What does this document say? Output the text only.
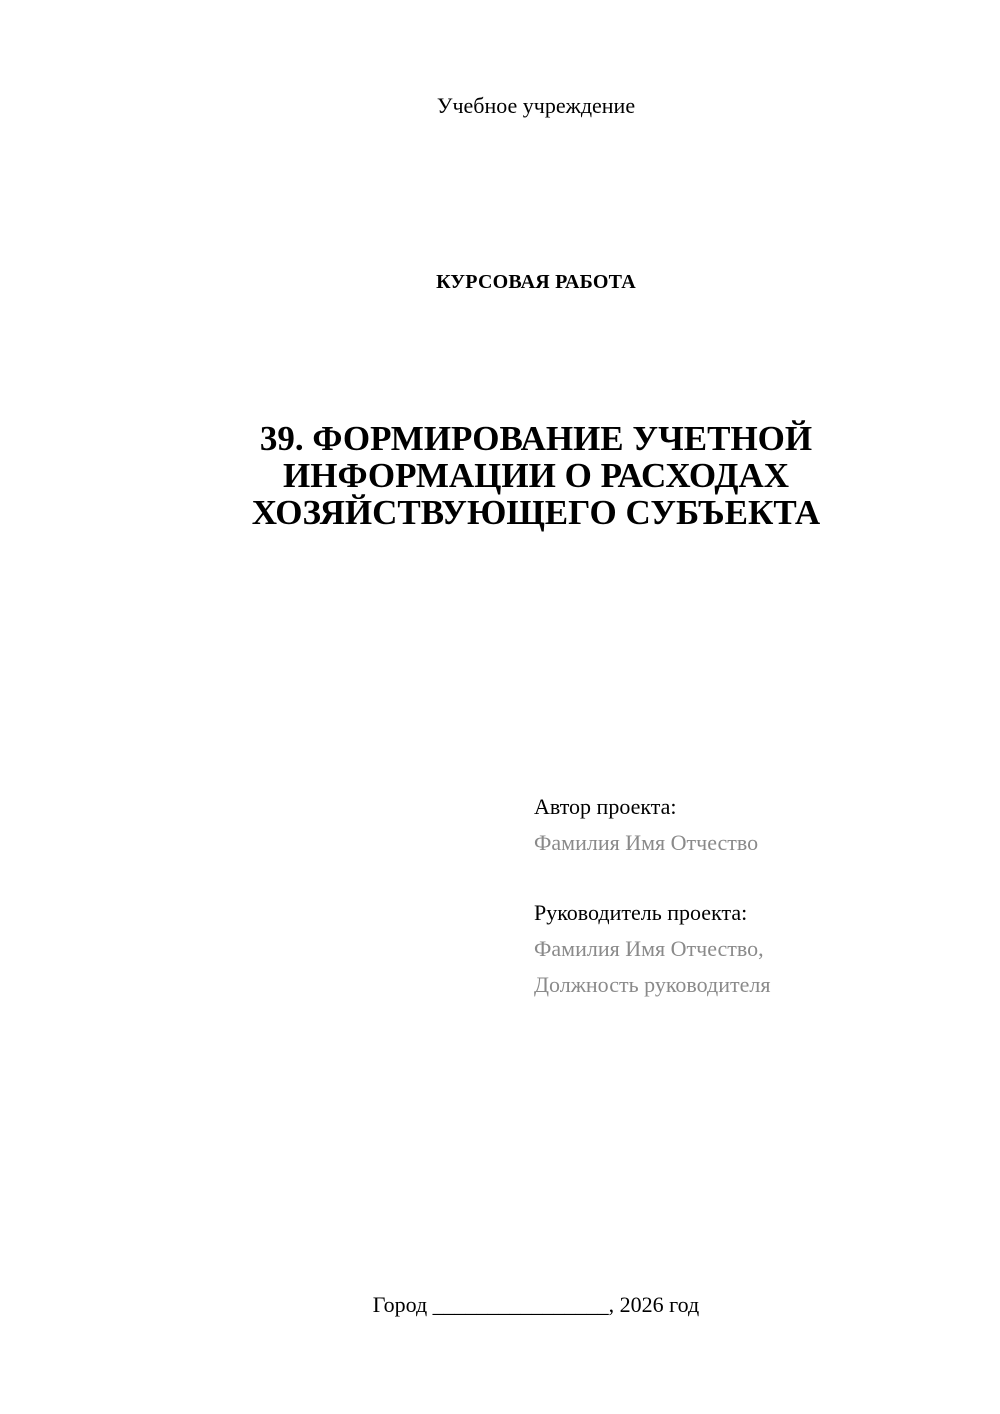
Учебное учреждение
КУРСОВАЯ РАБОТА
39. ФОРМИРОВАНИЕ УЧЕТНОЙ
ИНФОРМАЦИИ О РАСХОДАХ
ХОЗЯЙСТВУЮЩЕГО СУБЪЕКТА
Автор проекта:
Фамилия Имя Отчество
Руководитель проекта:
Фамилия Имя Отчество,
Должность руководителя
Город ________________, 2026 год
